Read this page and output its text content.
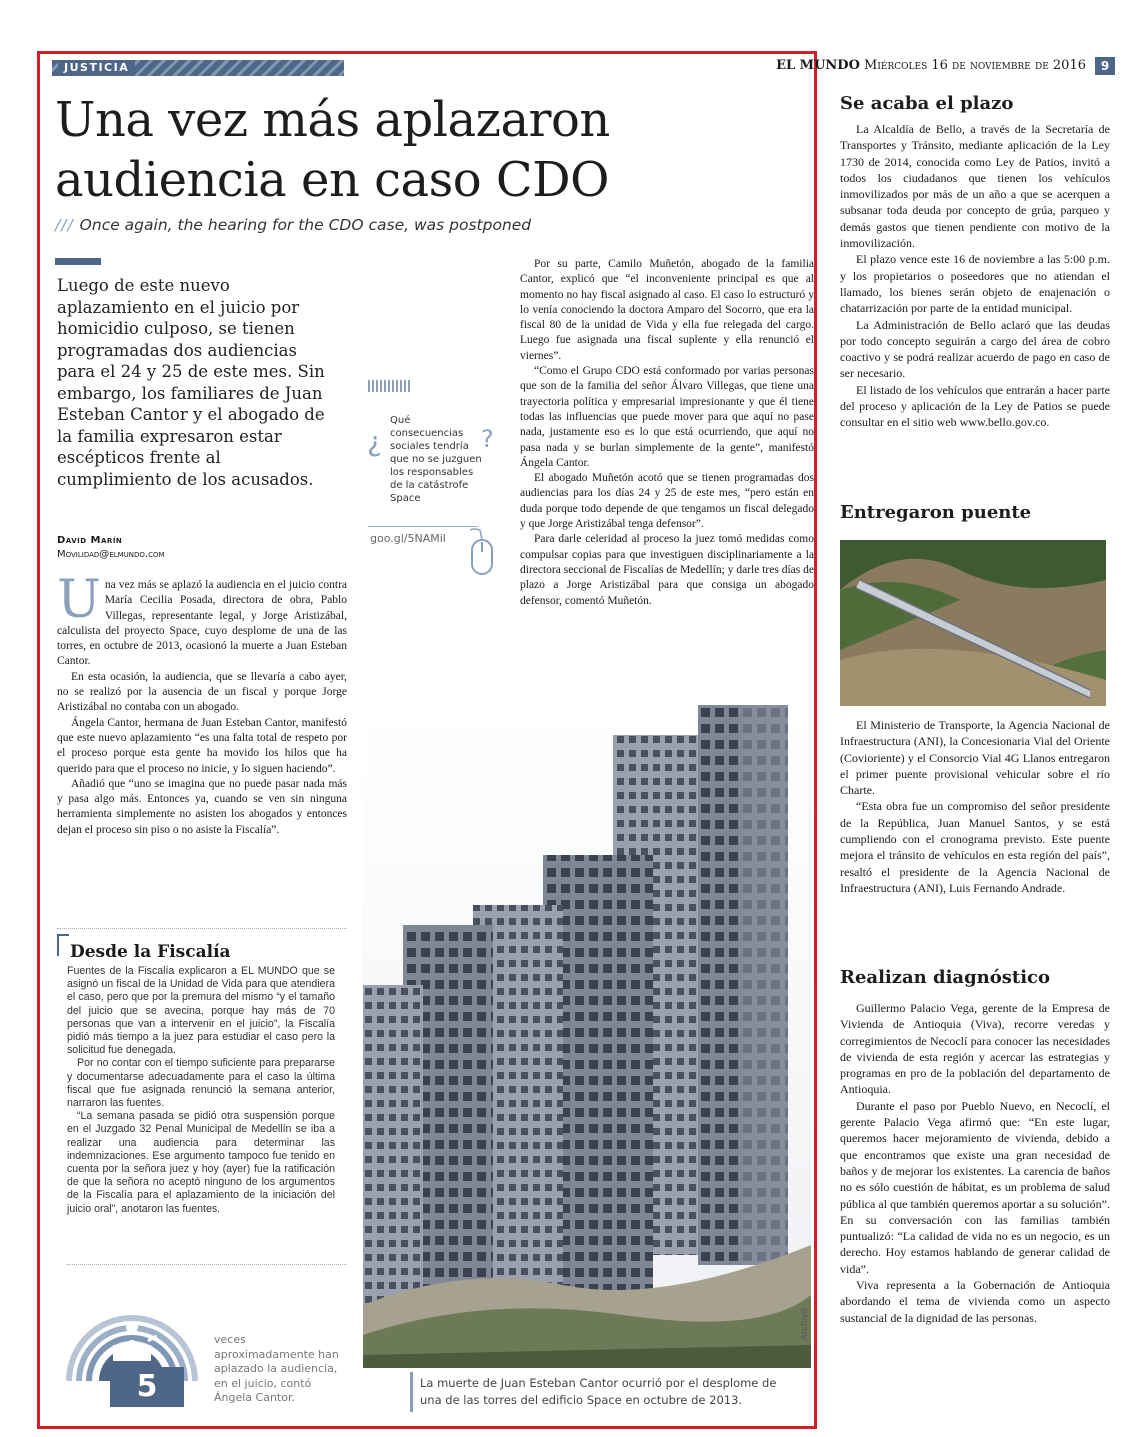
JUSTICIA	EL MUNDO Miércoles 16 de noviembre de 2016	9
Una vez más aplazaron audiencia en caso CDO
/// Once again, the hearing for the CDO case, was postponed

Luego de este nuevo aplazamiento en el juicio por homicidio culposo, se tienen programadas dos audiencias para el 24 y 25 de este mes. Sin embargo, los familiares de Juan Esteban Cantor y el abogado de la familia expresaron estar escépticos frente al cumplimiento de los acusados.

David Marín
Movilidad@elmundo.com

Una vez más se aplazó la audiencia en el juicio contra María Cecilia Posada, directora de obra, Pablo Villegas, representante legal, y Jorge Aristizábal, calculista del proyecto Space, cuyo desplome de una de las torres, en octubre de 2013, ocasionó la muerte a Juan Esteban Cantor.

En esta ocasión, la audiencia, que se llevaría a cabo ayer, no se realizó por la ausencia de un fiscal y porque Jorge Aristizábal no contaba con un abogado.

Ángela Cantor, hermana de Juan Esteban Cantor, manifestó que este nuevo aplazamiento “es una falta total de respeto por el proceso porque esta gente ha movido los hilos que ha querido para que el proceso no inicie, y lo siguen haciendo”.

Añadió que “uno se imagina que no puede pasar nada más y pasa algo más. Entonces ya, cuando se ven sin ninguna herramienta simplemente no asisten los abogados y entonces dejan el proceso sin piso o no asiste la Fiscalía”.

¿
Qué consecuencias sociales tendría que no se juzguen los responsables de la catástrofe Space
?
goo.gl/5NAMil

Por su parte, Camilo Muñetón, abogado de la familia Cantor, explicó que “el inconveniente principal es que al momento no hay fiscal asignado al caso. El caso lo estructuró y lo venía conociendo la doctora Amparo del Socorro, que era la fiscal 80 de la unidad de Vida y ella fue relegada del cargo. Luego fue asignada una fiscal suplente y ella renunció el viernes”.

“Como el Grupo CDO está conformado por varias personas que son de la familia del señor Álvaro Villegas, que tiene una trayectoria política y empresarial impresionante y que él tiene todas las influencias que puede mover para que aquí no pase nada, justamente eso es lo que está ocurriendo, que aquí no pasa nada y se burlan simplemente de la gente”, manifestó Ángela Cantor.

El abogado Muñetón acotó que se tienen programadas dos audiencias para los días 24 y 25 de este mes, “pero están en duda porque todo depende de que tengamos un fiscal delegado y que Jorge Aristizábal tenga defensor”.

Para darle celeridad al proceso la juez tomó medidas como compulsar copias para que investiguen disciplinariamente a la directora seccional de Fiscalías de Medellín; y darle tres días de plazo a Jorge Aristizábal para que consiga un abogado defensor, comentó Muñetón.

Archivo

La muerte de Juan Esteban Cantor ocurrió por el desplome de una de las torres del edificio Space en octubre de 2013.

Desde la Fiscalía

Fuentes de la Fiscalía explicaron a EL MUNDO que se asignó un fiscal de la Unidad de Vida para que atendiera el caso, pero que por la premura del mismo “y el tamaño del juicio que se avecina, porque hay más de 70 personas que van a intervenir en el juicio”, la Fiscalía pidió más tiempo a la juez para estudiar el caso pero la solicitud fue denegada.

Por no contar con el tiempo suficiente para prepararse y documentarse adecuadamente para el caso la última fiscal que fue asignada renunció la semana anterior, narraron las fuentes.

“La semana pasada se pidió otra suspensión porque en el Juzgado 32 Penal Municipal de Medellín se iba a realizar una audiencia para determinar las indemnizaciones. Ese argumento tampoco fue tenido en cuenta por la señora juez y hoy (ayer) fue la ratificación de que la señora no aceptó ninguno de los argumentos de la Fiscalía para el aplazamiento de la iniciación del juicio oral”, anotaron las fuentes.

5

veces aproximadamente han aplazado la audiencia, en el juicio, contó Ángela Cantor.

Se acaba el plazo

La Alcaldía de Bello, a través de la Secretaría de Transportes y Tránsito, mediante aplicación de la Ley 1730 de 2014, conocida como Ley de Patios, invitó a todos los ciudadanos que tienen los vehículos inmovilizados por más de un año a que se acerquen a subsanar toda deuda por concepto de grúa, parqueo y demás gastos que tienen pendiente con motivo de la inmovilización.

El plazo vence este 16 de noviembre a las 5:00 p.m. y los propietarios o poseedores que no atiendan el llamado, los bienes serán objeto de enajenación o chatarrización por parte de la entidad municipal.

La Administración de Bello aclaró que las deudas por todo concepto seguirán a cargo del área de cobro coactivo y se podrá realizar acuerdo de pago en caso de ser necesario.

El listado de los vehículos que entrarán a hacer parte del proceso y aplicación de la Ley de Patios se puede consultar en el sitio web www.bello.gov.co.

Entregaron puente

El Ministerio de Transporte, la Agencia Nacional de Infraestructura (ANI), la Concesionaria Vial del Oriente (Covioriente) y el Consorcio Vial 4G Llanos entregaron el primer puente provisional vehicular sobre el río Charte.

“Esta obra fue un compromiso del señor presidente de la República, Juan Manuel Santos, y se está cumpliendo con el cronograma previsto. Este puente mejora el tránsito de vehículos en esta región del país”, resaltó el presidente de la Agencia Nacional de Infraestructura (ANI), Luis Fernando Andrade.

Realizan diagnóstico

Guillermo Palacio Vega, gerente de la Empresa de Vivienda de Antioquia (Viva), recorre veredas y corregimientos de Necoclí para conocer las necesidades de vivienda de esta región y acercar las estrategias y programas en pro de la población del departamento de Antioquia.

Durante el paso por Pueblo Nuevo, en Necoclí, el gerente Palacio Vega afirmó que: “En este lugar, queremos hacer mejoramiento de vivienda, debido a que encontramos que existe una gran necesidad de baños y de mejorar los existentes. La carencia de baños no es sólo cuestión de hábitat, es un problema de salud pública al que también queremos aportar a su solución”. En su conversación con las familias también puntualizó: “La calidad de vida no es un negocio, es un derecho. Hoy estamos hablando de generar calidad de vida”.

Viva representa a la Gobernación de Antioquia abordando el tema de vivienda como un aspecto sustancial de la dignidad de las personas.
